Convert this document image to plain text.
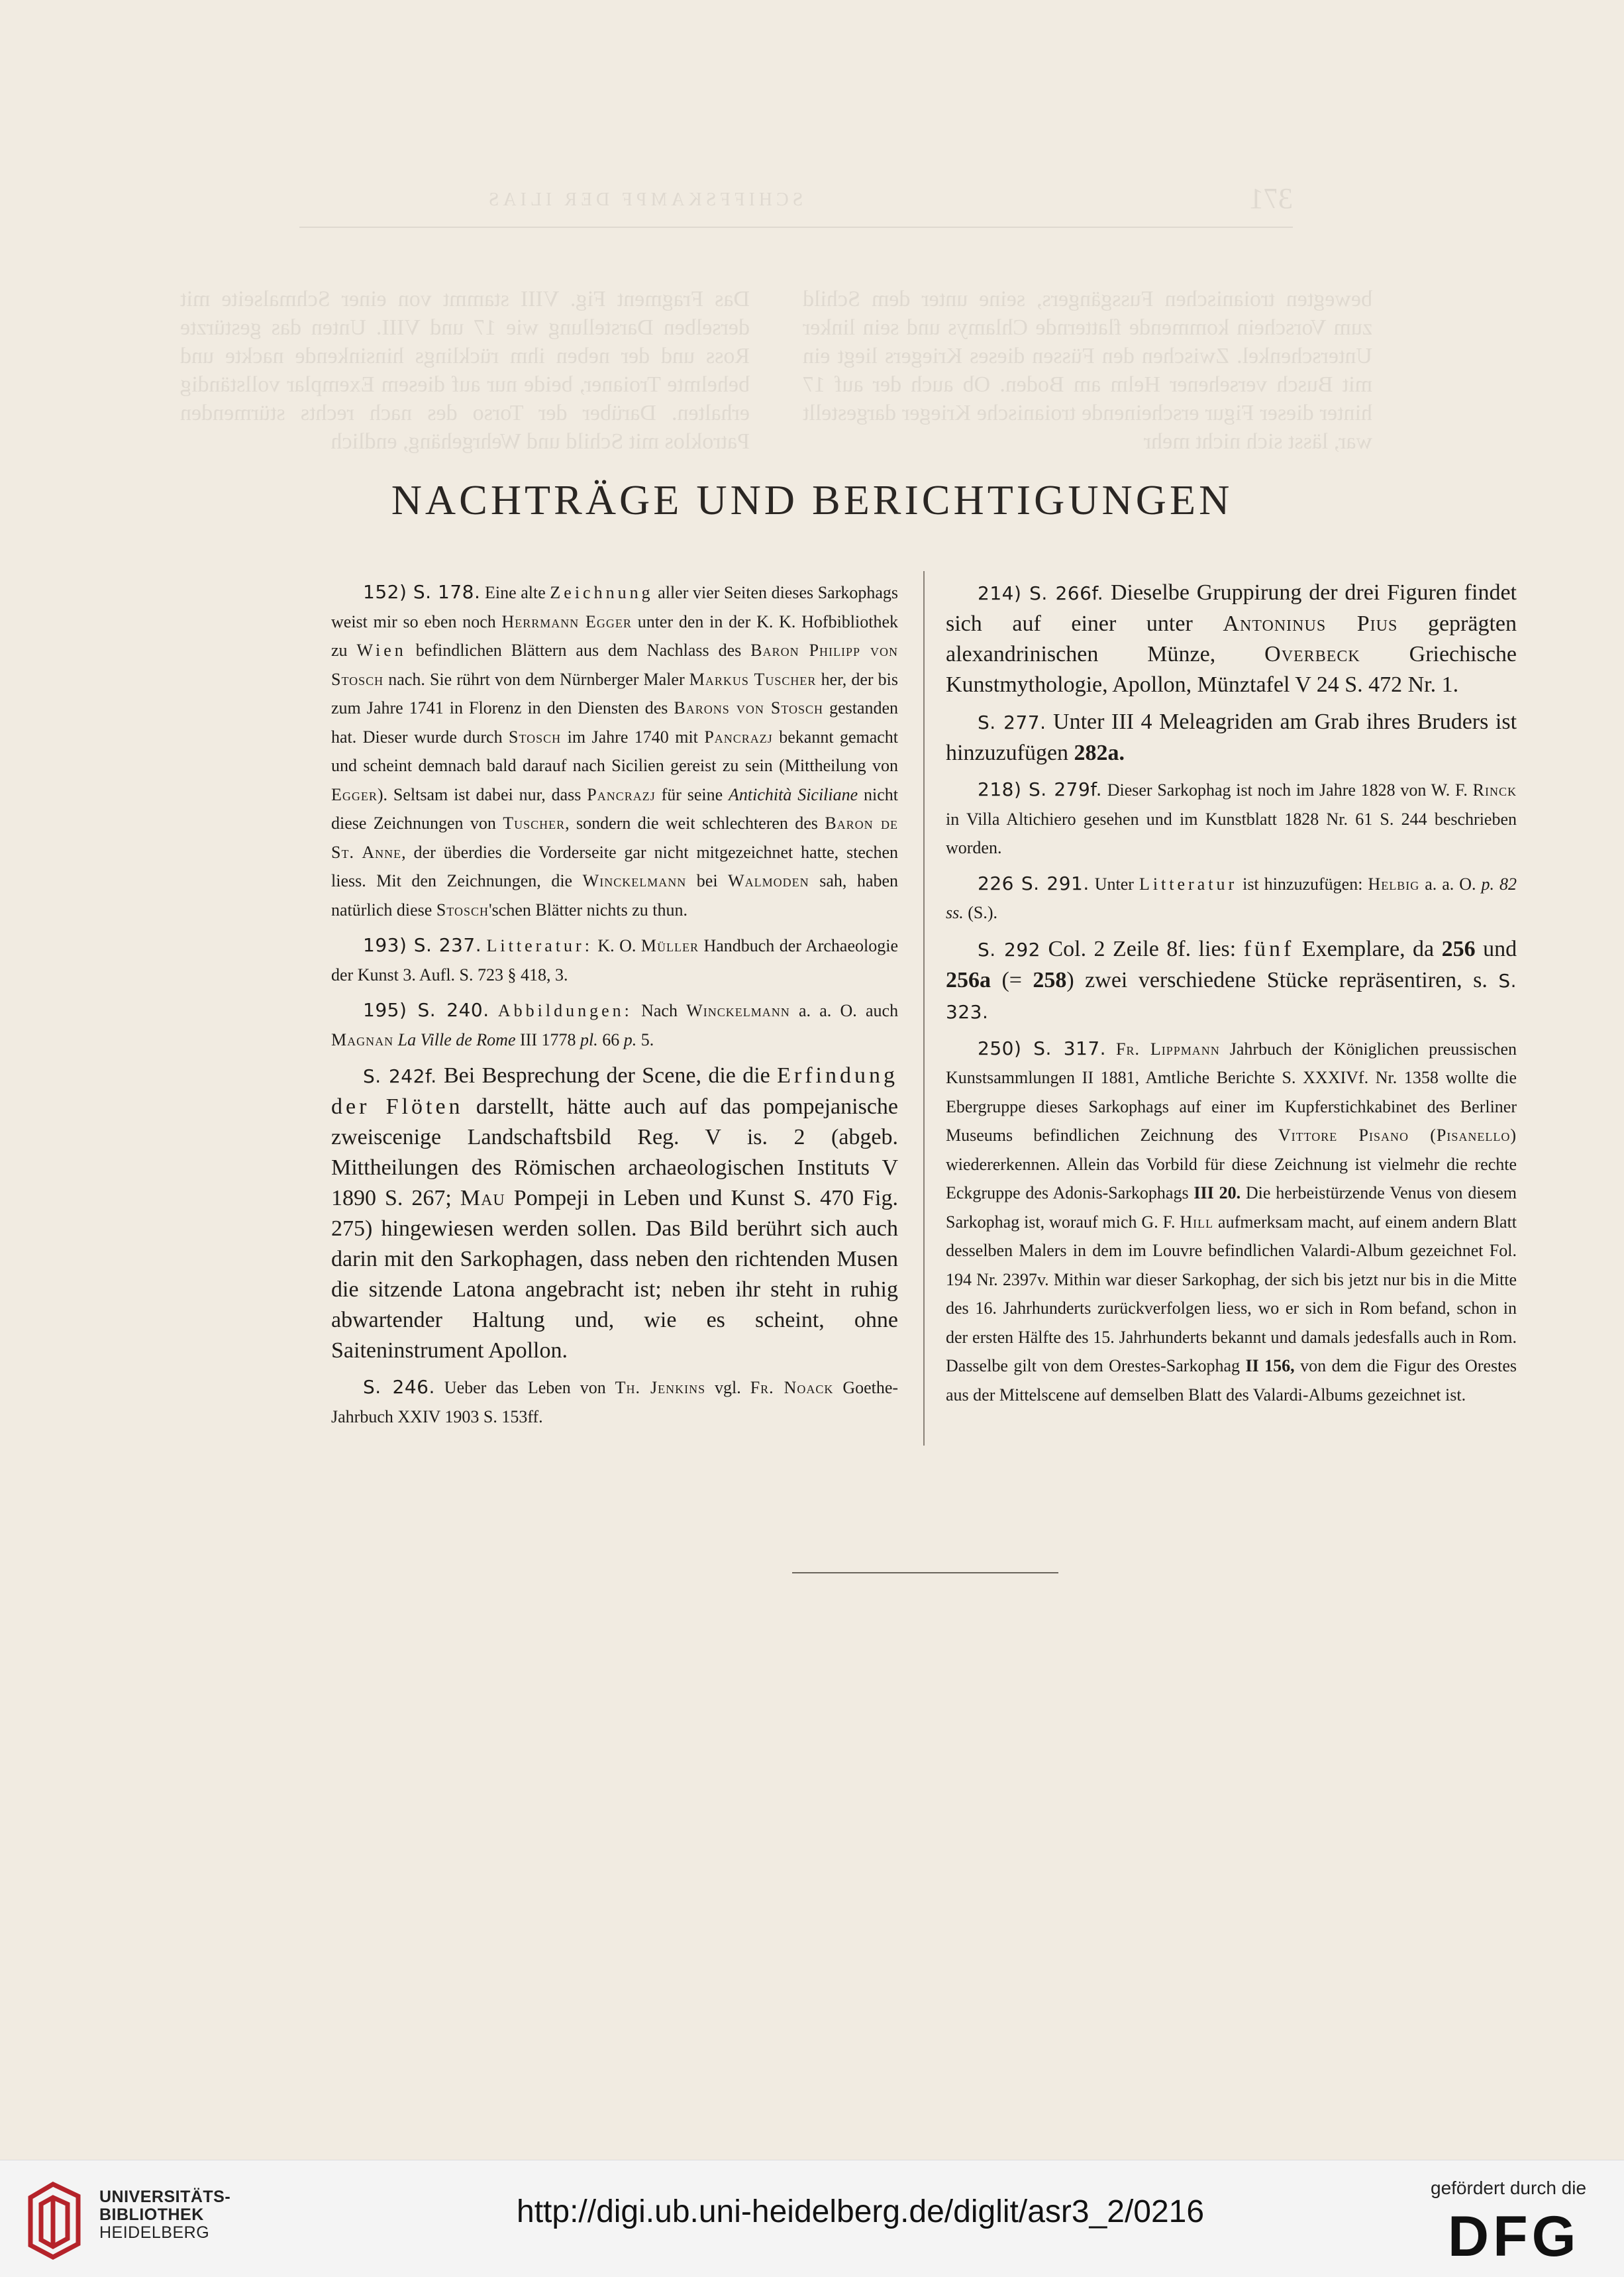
SCHIFFSKAMPF DER ILIAS	371
Das Fragment Fig. VIII stammt von einer Schmalseite mit derselben Darstellung wie 17 und VIII. Unten das gestürzte Ross und der neben ihm rücklings hinsinkende nackte und behelmte Troianer, beide nur auf diesem Exemplar vollständig erhalten. Darüber der Torso des nach rechts stürmenden Patroklos mit Schild und Wehrgehäng, endlich
bewegten troianischen Fussgängers, seine unter dem Schild zum Vorschein kommende flatternde Chlamys und sein linker Unterschenkel. Zwischen den Füssen dieses Kriegers liegt ein mit Busch versehener Helm am Boden. Ob auch der auf 17 hinter dieser Figur erscheinende troianische Krieger dargestellt war, lässt sich nicht mehr
NACHTRÄGE UND BERICHTIGUNGEN

152) S. 178. Eine alte Zeichnung aller vier Seiten dieses Sarkophags weist mir so eben noch Herrmann Egger unter den in der K. K. Hofbibliothek zu Wien befindlichen Blättern aus dem Nachlass des Baron Philipp von Stosch nach. Sie rührt von dem Nürnberger Maler Markus Tuscher her, der bis zum Jahre 1741 in Florenz in den Diensten des Barons von Stosch gestanden hat. Dieser wurde durch Stosch im Jahre 1740 mit Pancrazj bekannt gemacht und scheint demnach bald darauf nach Sicilien gereist zu sein (Mittheilung von Egger). Seltsam ist dabei nur, dass Pancrazj für seine Antichità Siciliane nicht diese Zeichnungen von Tuscher, sondern die weit schlechteren des Baron de St. Anne, der überdies die Vorderseite gar nicht mitgezeichnet hatte, stechen liess. Mit den Zeichnungen, die Winckelmann bei Walmoden sah, haben natürlich diese Stosch'schen Blätter nichts zu thun.

193) S. 237. Litteratur: K. O. Müller Handbuch der Archaeologie der Kunst 3. Aufl. S. 723 § 418, 3.

195) S. 240. Abbildungen: Nach Winckelmann a. a. O. auch Magnan La Ville de Rome III 1778 pl. 66 p. 5.

S. 242f. Bei Besprechung der Scene, die die Erfindung der Flöten darstellt, hätte auch auf das pompejanische zweiscenige Landschaftsbild Reg. V is. 2 (abgeb. Mittheilungen des Römischen archaeologischen Instituts V 1890 S. 267; Mau Pompeji in Leben und Kunst S. 470 Fig. 275) hingewiesen werden sollen. Das Bild berührt sich auch darin mit den Sarkophagen, dass neben den richtenden Musen die sitzende Latona angebracht ist; neben ihr steht in ruhig abwartender Haltung und, wie es scheint, ohne Saiteninstrument Apollon.

S. 246. Ueber das Leben von Th. Jenkins vgl. Fr. Noack Goethe-Jahrbuch XXIV 1903 S. 153ff.

214) S. 266f. Dieselbe Gruppirung der drei Figuren findet sich auf einer unter Antoninus Pius geprägten alexandrinischen Münze, Overbeck Griechische Kunstmythologie, Apollon, Münztafel V 24 S. 472 Nr. 1.

S. 277. Unter III 4 Meleagriden am Grab ihres Bruders ist hinzuzufügen 282a.

218) S. 279f. Dieser Sarkophag ist noch im Jahre 1828 von W. F. Rinck in Villa Altichiero gesehen und im Kunstblatt 1828 Nr. 61 S. 244 beschrieben worden.

226 S. 291. Unter Litteratur ist hinzuzufügen: Helbig a. a. O. p. 82 ss. (S.).

S. 292 Col. 2 Zeile 8f. lies: fünf Exemplare, da 256 und 256a (= 258) zwei verschiedene Stücke repräsentiren, s. S. 323.

250) S. 317. Fr. Lippmann Jahrbuch der Königlichen preussischen Kunstsammlungen II 1881, Amtliche Berichte S. XXXIVf. Nr. 1358 wollte die Ebergruppe dieses Sarkophags auf einer im Kupferstichkabinet des Berliner Museums befindlichen Zeichnung des Vittore Pisano (Pisanello) wiedererkennen. Allein das Vorbild für diese Zeichnung ist vielmehr die rechte Eckgruppe des Adonis-Sarkophags III 20. Die herbeistürzende Venus von diesem Sarkophag ist, worauf mich G. F. Hill aufmerksam macht, auf einem andern Blatt desselben Malers in dem im Louvre befindlichen Valardi-Album gezeichnet Fol. 194 Nr. 2397v. Mithin war dieser Sarkophag, der sich bis jetzt nur bis in die Mitte des 16. Jahrhunderts zurückverfolgen liess, wo er sich in Rom befand, schon in der ersten Hälfte des 15. Jahrhunderts bekannt und damals jedesfalls auch in Rom. Dasselbe gilt von dem Orestes-Sarkophag II 156, von dem die Figur des Orestes aus der Mittelscene auf demselben Blatt des Valardi-Albums gezeichnet ist.

UNIVERSITÄTS-
BIBLIOTHEK
HEIDELBERG
http://digi.ub.uni-heidelberg.de/diglit/asr3_2/0216
gefördert durch die
DFG
